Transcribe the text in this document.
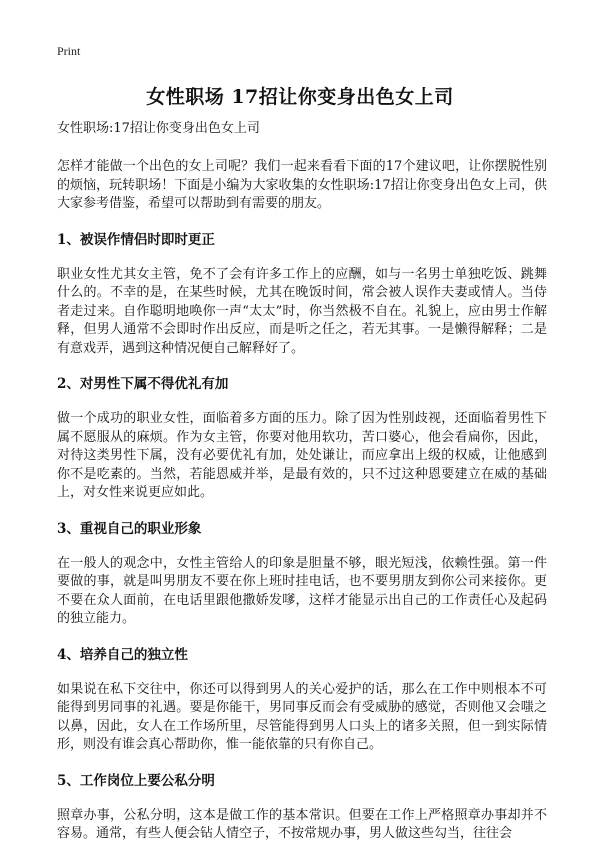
Print
女性职场 17招让你变身出色女上司
女性职场:17招让你变身出色女上司

怎样才能做一个出色的女上司呢？我们一起来看看下面的17个建议吧，让你摆脱性别的烦恼，玩转职场！下面是小编为大家收集的女性职场:17招让你变身出色女上司，供大家参考借鉴，希望可以帮助到有需要的朋友。

1、被误作情侣时即时更正

职业女性尤其女主管，免不了会有许多工作上的应酬，如与一名男士单独吃饭、跳舞什么的。不幸的是，在某些时候，尤其在晚饭时间，常会被人误作夫妻或情人。当侍者走过来。自作聪明地唤你一声“太太”时，你当然极不自在。礼貌上，应由男士作解释，但男人通常不会即时作出反应，而是听之任之，若无其事。一是懒得解释；二是有意戏弄，遇到这种情况便自己解释好了。

2、对男性下属不得优礼有加

做一个成功的职业女性，面临着多方面的压力。除了因为性别歧视，还面临着男性下属不愿服从的麻烦。作为女主管，你要对他用软功，苦口婆心，他会看扁你，因此，对待这类男性下属，没有必要优礼有加，处处谦让，而应拿出上级的权威，让他感到你不是吃素的。当然，若能恩威并举，是最有效的，只不过这种恩要建立在威的基础上，对女性来说更应如此。

3、重视自己的职业形象

在一般人的观念中，女性主管给人的印象是胆量不够，眼光短浅，依赖性强。第一件要做的事，就是叫男朋友不要在你上班时挂电话，也不要男朋友到你公司来接你。更不要在众人面前，在电话里跟他撒娇发嗲，这样才能显示出自己的工作责任心及起码的独立能力。

4、培养自己的独立性

如果说在私下交往中，你还可以得到男人的关心爱护的话，那么在工作中则根本不可能得到男同事的礼遇。要是你能干，男同事反而会有受威胁的感觉，否则他又会嗤之以鼻，因此，女人在工作场所里，尽管能得到男人口头上的诸多关照，但一到实际情形，则没有谁会真心帮助你，惟一能依靠的只有你自己。

5、工作岗位上要公私分明

照章办事，公私分明，这本是做工作的基本常识。但要在工作上严格照章办事却并不容易。通常，有些人便会钻人情空子，不按常规办事，男人做这些勾当，往往会
